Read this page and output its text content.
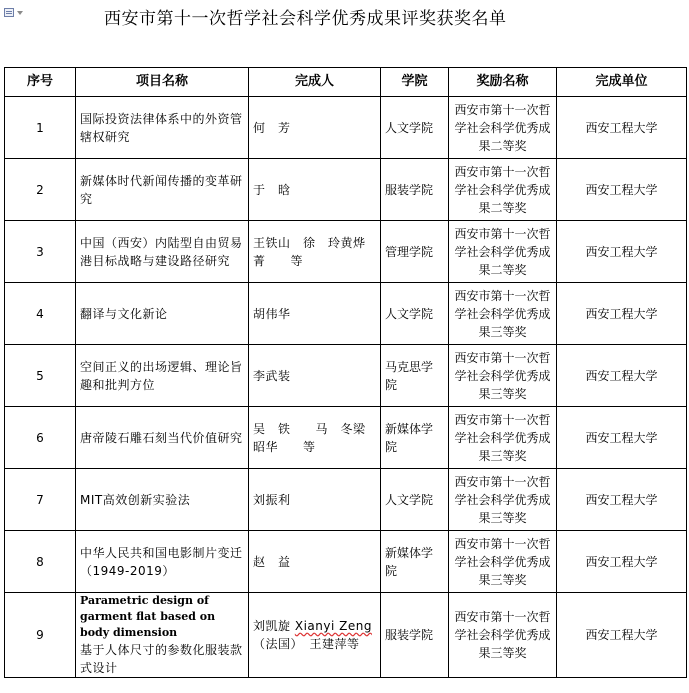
西安市第十一次哲学社会科学优秀成果评奖获奖名单
序号	项目名称	完成人	学院	奖励名称	完成单位
1	国际投资法律体系中的外资管辖权研究	何　芳	人文学院	西安市第十一次哲学社会科学优秀成果二等奖	西安工程大学
2	新媒体时代新闻传播的变革研究	于　晗	服装学院	西安市第十一次哲学社会科学优秀成果二等奖	西安工程大学
3	中国（西安）内陆型自由贸易港目标战略与建设路径研究	王铁山　徐　玲黄烨菁　　等	管理学院	西安市第十一次哲学社会科学优秀成果二等奖	西安工程大学
4	翻译与文化新论	胡伟华	人文学院	西安市第十一次哲学社会科学优秀成果三等奖	西安工程大学
5	空间正义的出场逻辑、理论旨趣和批判方位	李武装	马克思学院	西安市第十一次哲学社会科学优秀成果三等奖	西安工程大学
6	唐帝陵石雕石刻当代价值研究	吴　铁　　马　冬梁昭华　　等	新媒体学院	西安市第十一次哲学社会科学优秀成果三等奖	西安工程大学
7	MIT高效创新实验法	刘振利	人文学院	西安市第十一次哲学社会科学优秀成果三等奖	西安工程大学
8	中华人民共和国电影制片变迁（1949-2019）	赵　益	新媒体学院	西安市第十一次哲学社会科学优秀成果三等奖	西安工程大学
9	Parametric design of garment flat based on body dimension
基于人体尺寸的参数化服装款式设计	刘凯旋 Xianyi Zeng （法国）　王建萍等	服装学院	西安市第十一次哲学社会科学优秀成果三等奖	西安工程大学
